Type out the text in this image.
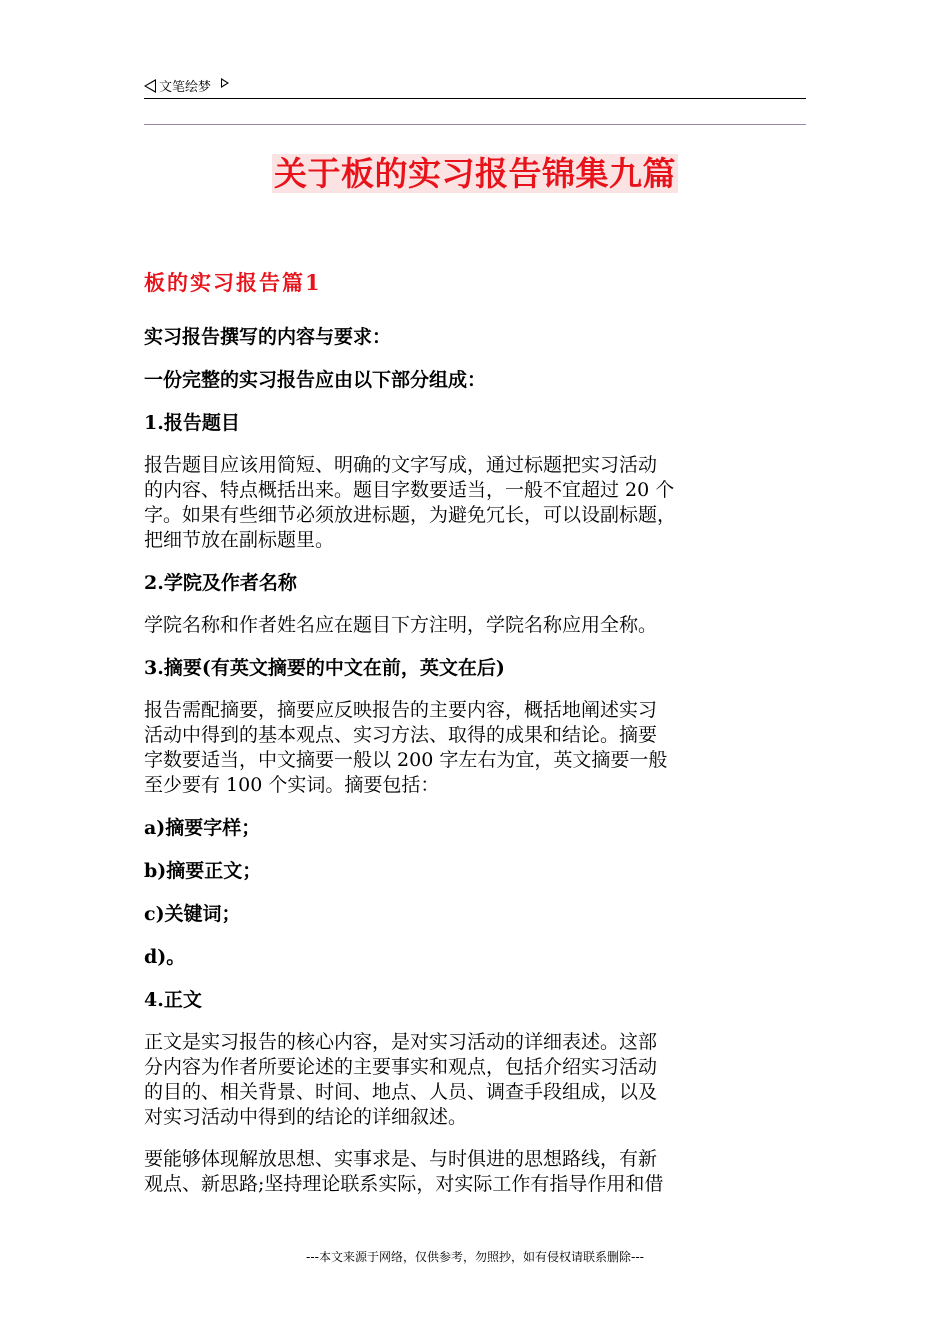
文笔绘梦
关于板的实习报告锦集九篇
板的实习报告篇1
实习报告撰写的内容与要求：
一份完整的实习报告应由以下部分组成：
1.报告题目
报告题目应该用简短、明确的文字写成，通过标题把实习活动
的内容、特点概括出来。题目字数要适当，一般不宜超过 20 个
字。如果有些细节必须放进标题，为避免冗长，可以设副标题，
把细节放在副标题里。
2.学院及作者名称
学院名称和作者姓名应在题目下方注明，学院名称应用全称。
3.摘要(有英文摘要的中文在前，英文在后)
报告需配摘要，摘要应反映报告的主要内容，概括地阐述实习
活动中得到的基本观点、实习方法、取得的成果和结论。摘要
字数要适当，中文摘要一般以 200 字左右为宜，英文摘要一般
至少要有 100 个实词。摘要包括：
a)摘要字样；
b)摘要正文；
c)关键词；
d)。
4.正文
正文是实习报告的核心内容，是对实习活动的详细表述。这部
分内容为作者所要论述的主要事实和观点，包括介绍实习活动
的目的、相关背景、时间、地点、人员、调查手段组成，以及
对实习活动中得到的结论的详细叙述。
要能够体现解放思想、实事求是、与时俱进的思想路线，有新
观点、新思路;坚持理论联系实际，对实际工作有指导作用和借
---本文来源于网络，仅供参考，勿照抄，如有侵权请联系删除---
